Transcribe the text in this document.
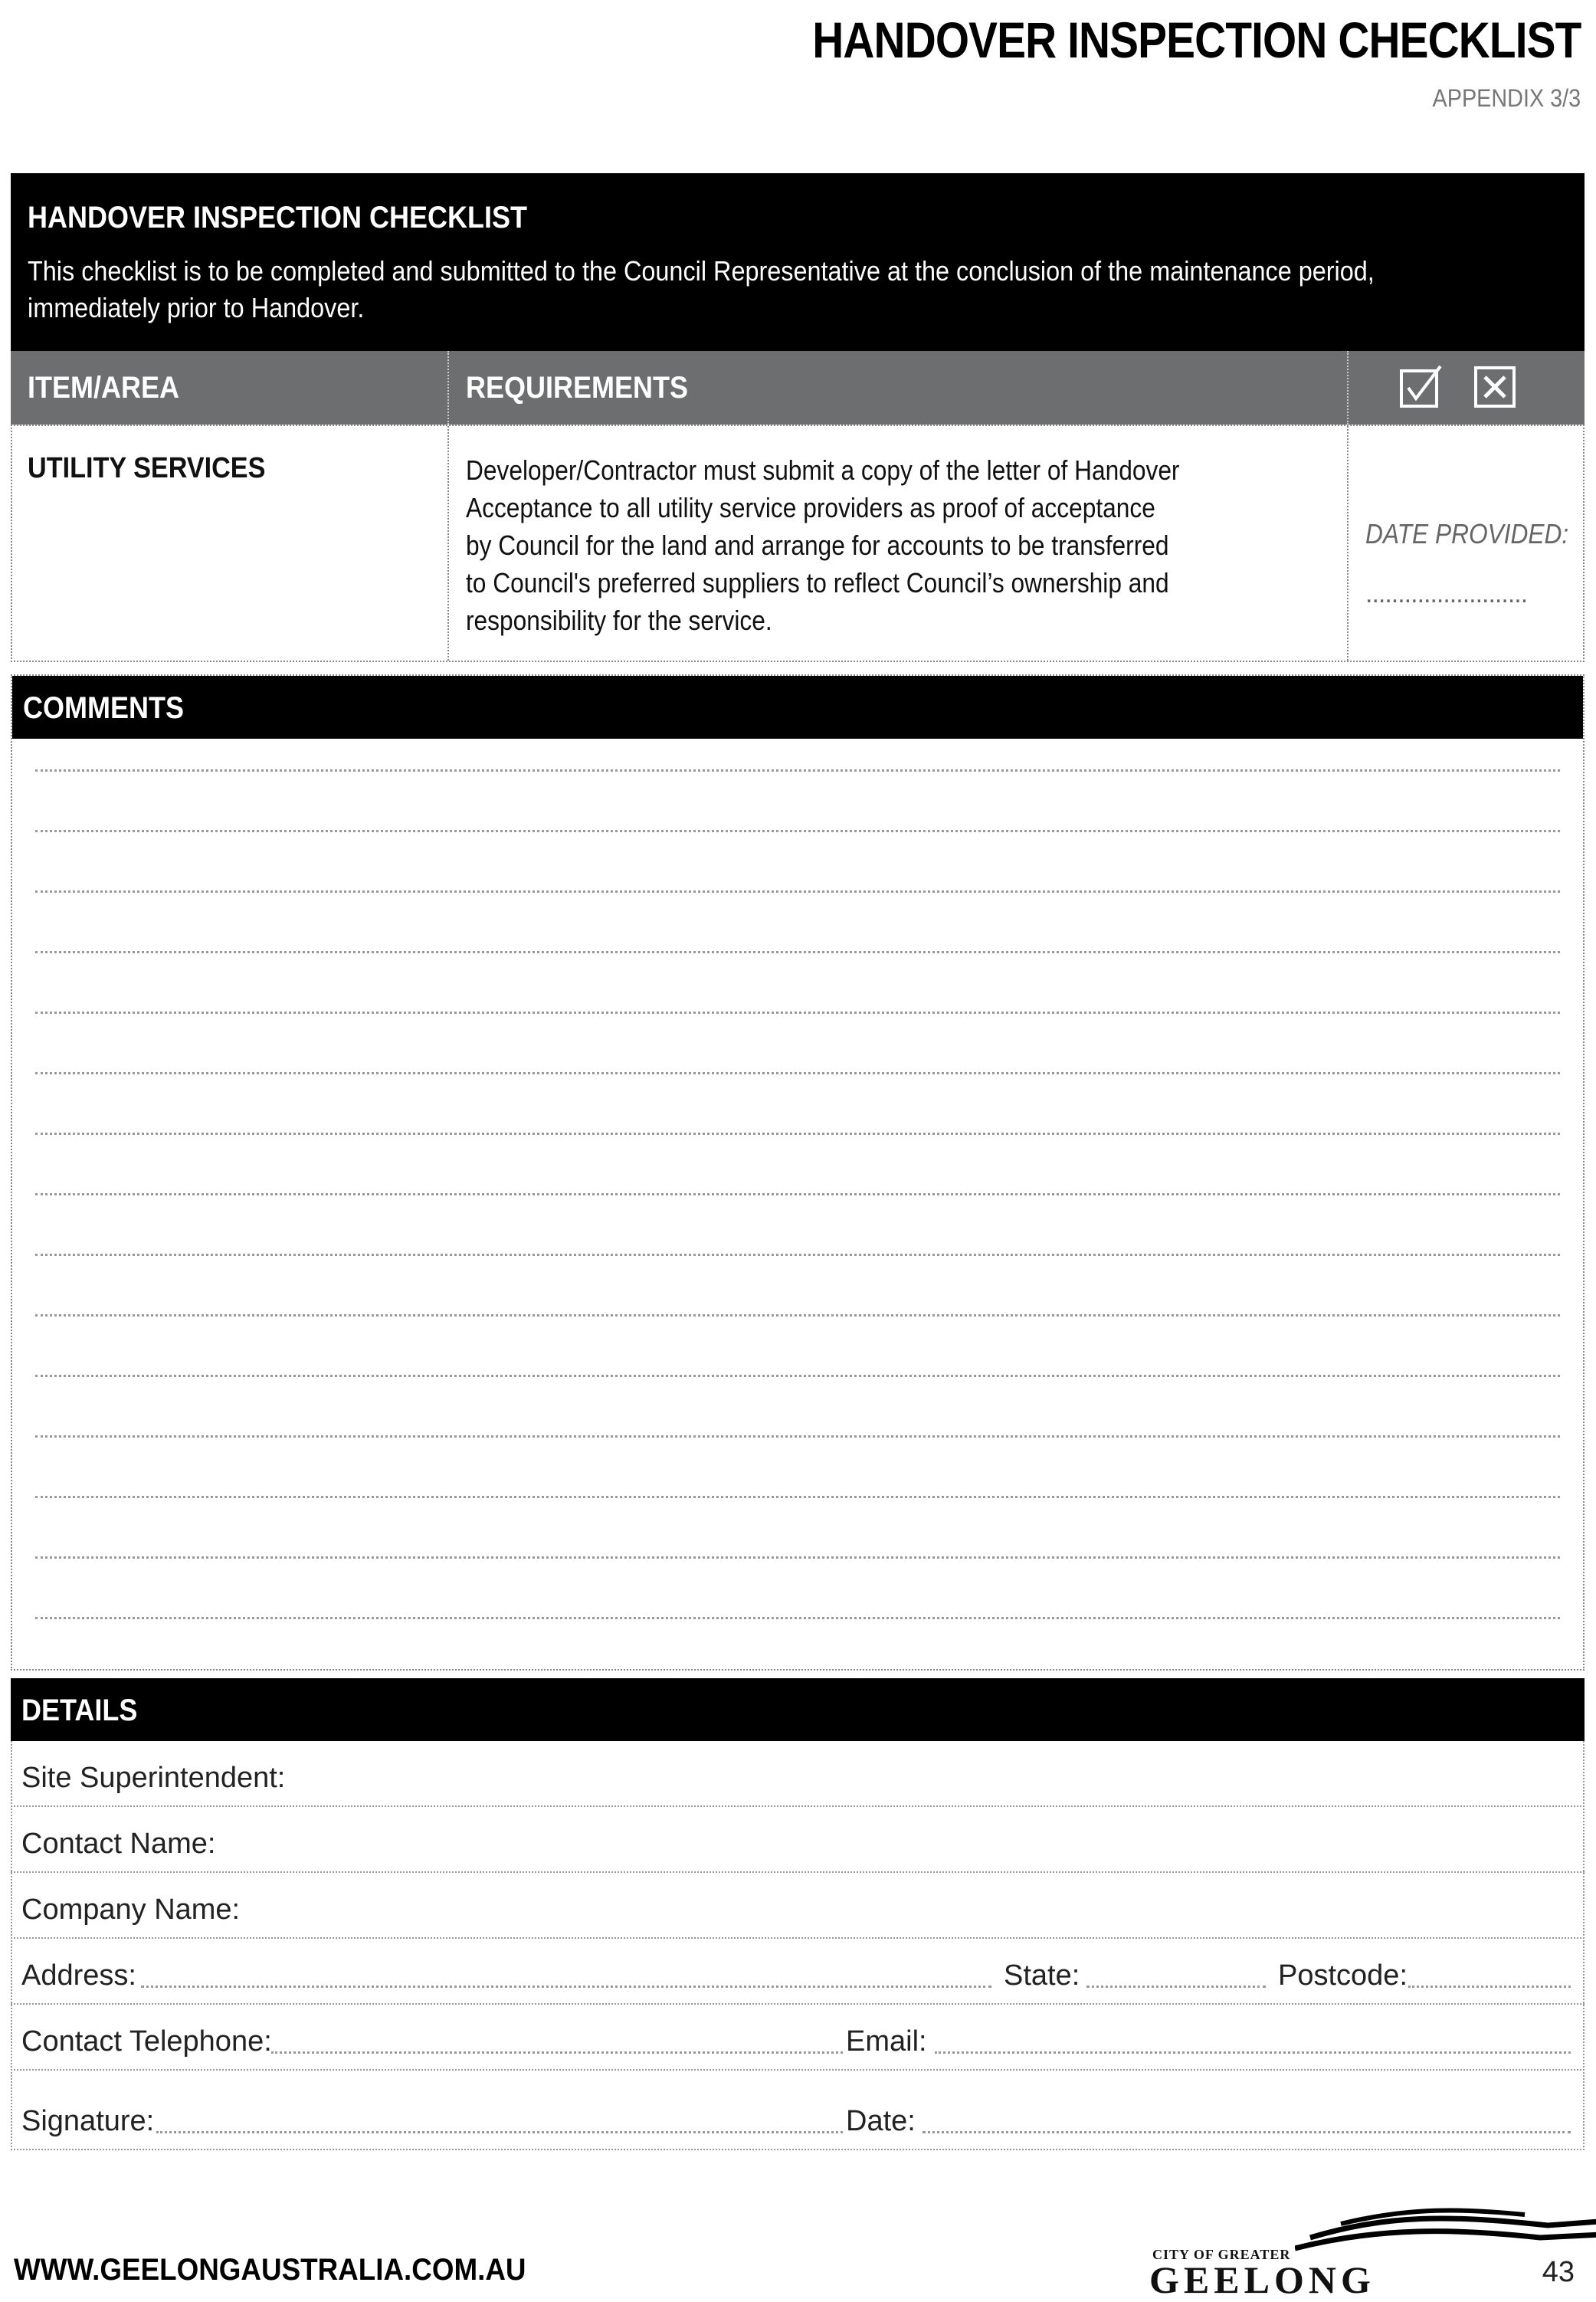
HANDOVER INSPECTION CHECKLIST
APPENDIX 3/3
HANDOVER INSPECTION CHECKLIST
This checklist is to be completed and submitted to the Council Representative at the conclusion of the maintenance period,
immediately prior to Handover.
ITEM/AREA	REQUIREMENTS
UTILITY SERVICES	Developer/Contractor must submit a copy of the letter of Handover
Acceptance to all utility service providers as proof of acceptance
by Council for the land and arrange for accounts to be transferred
to Council's preferred suppliers to reflect Council’s ownership and
responsibility for the service.
DATE PROVIDED:
.........................
COMMENTS
DETAILS
Site Superintendent:
Contact Name:
Company Name:
Address:	State:	Postcode:
Contact Telephone:	Email:
Signature:	Date:
WWW.GEELONGAUSTRALIA.COM.AU	CITY OF GREATER
GEELONG	43
